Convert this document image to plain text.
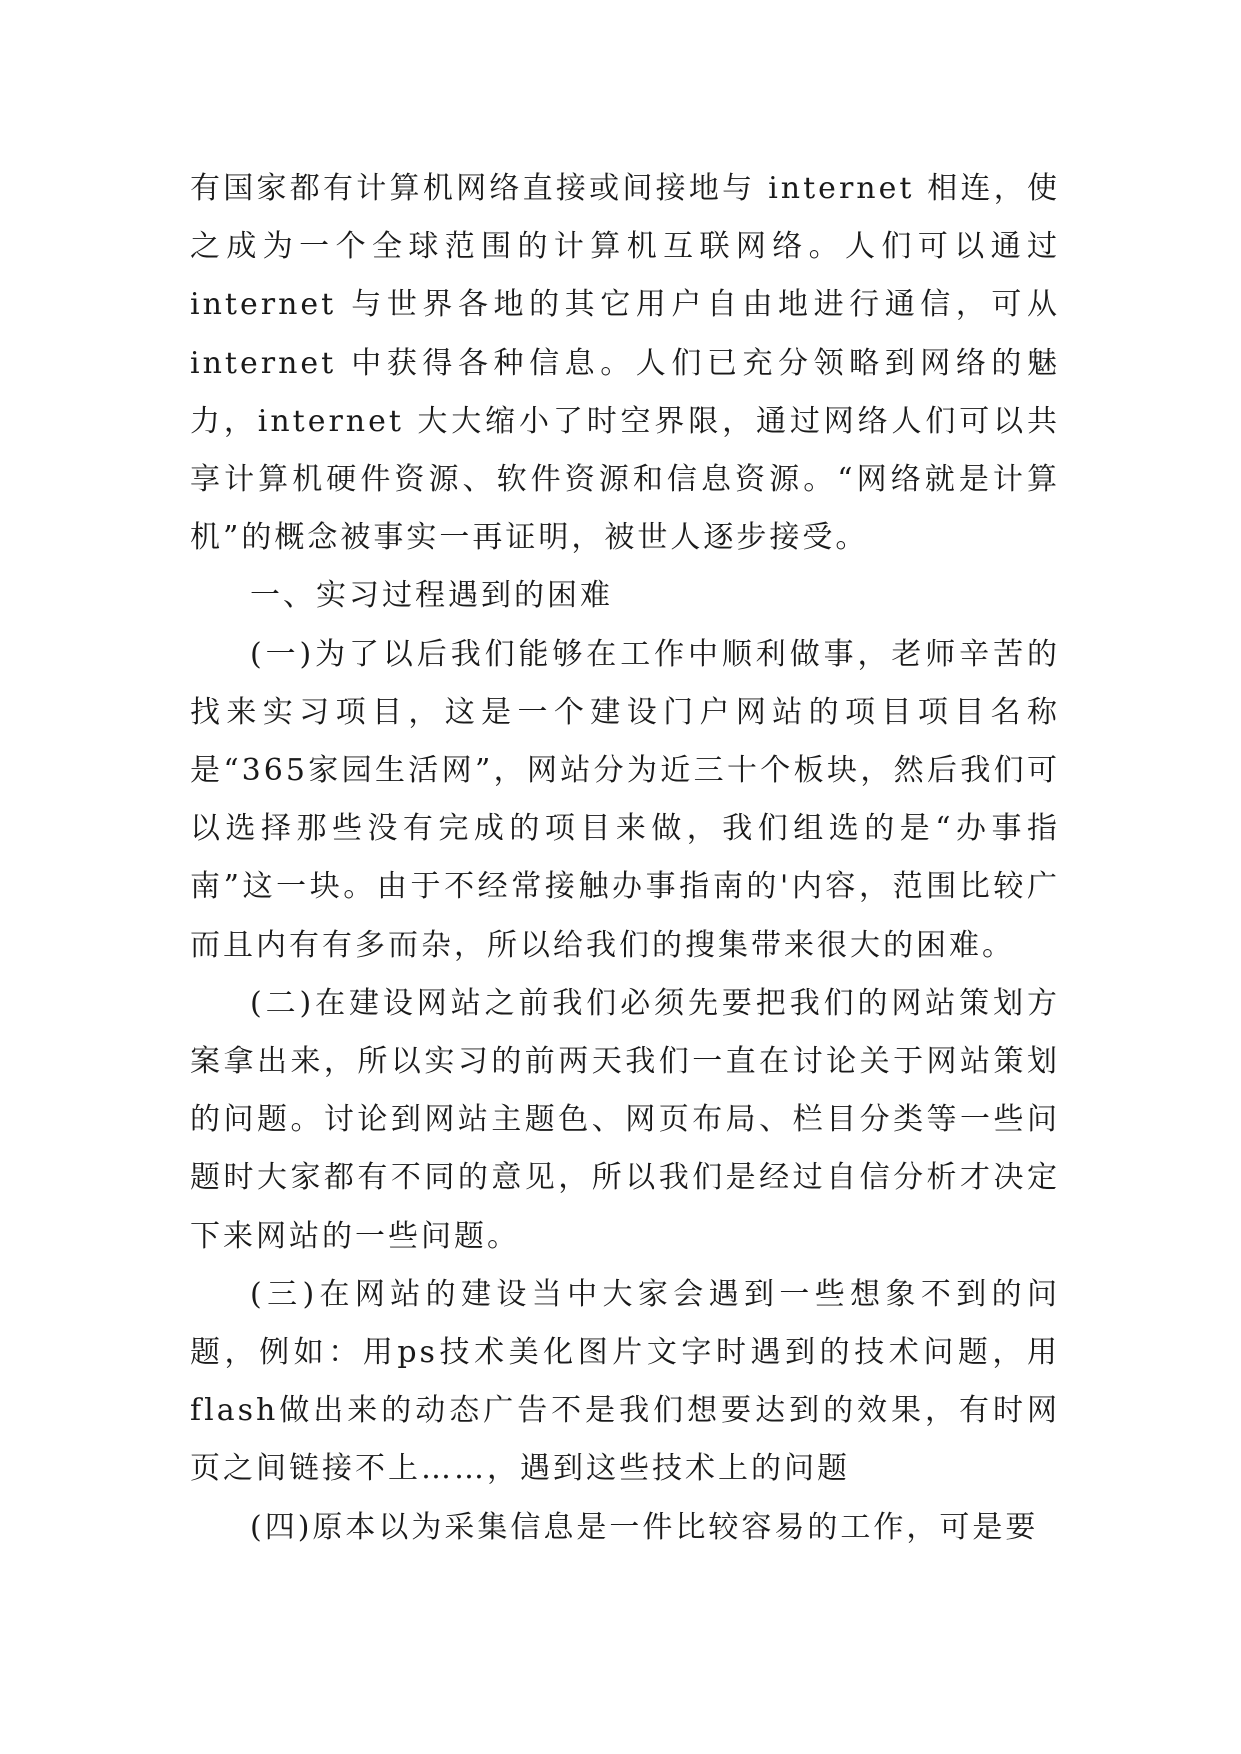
有国家都有计算机网络直接或间接地与 internet 相连，使之成为一个全球范围的计算机互联网络。人们可以通过 internet 与世界各地的其它用户自由地进行通信，可从 internet 中获得各种信息。人们已充分领略到网络的魅力，internet 大大缩小了时空界限，通过网络人们可以共享计算机硬件资源、软件资源和信息资源。“网络就是计算机”的概念被事实一再证明，被世人逐步接受。

一、实习过程遇到的困难

(一)为了以后我们能够在工作中顺利做事，老师辛苦的找来实习项目，这是一个建设门户网站的项目项目名称是“365家园生活网”，网站分为近三十个板块，然后我们可以选择那些没有完成的项目来做，我们组选的是“办事指南”这一块。由于不经常接触办事指南的'内容，范围比较广而且内有有多而杂，所以给我们的搜集带来很大的困难。

(二)在建设网站之前我们必须先要把我们的网站策划方案拿出来，所以实习的前两天我们一直在讨论关于网站策划的问题。讨论到网站主题色、网页布局、栏目分类等一些问题时大家都有不同的意见，所以我们是经过自信分析才决定下来网站的一些问题。

(三)在网站的建设当中大家会遇到一些想象不到的问题，例如：用ps技术美化图片文字时遇到的技术问题，用flash做出来的动态广告不是我们想要达到的效果，有时网页之间链接不上……，遇到这些技术上的问题

(四)原本以为采集信息是一件比较容易的工作，可是要
